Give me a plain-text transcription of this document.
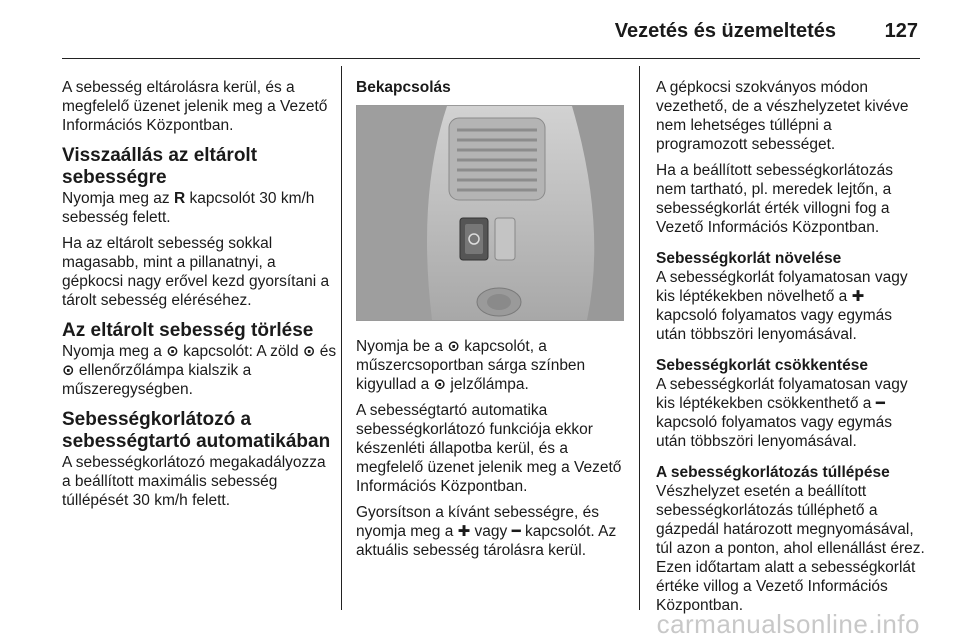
Vezetés és üzemeltetés 127

A sebesség eltárolásra kerül, és a megfelelő üzenet jelenik meg a Vezető Információs Központban.

Visszaállás az eltárolt sebességre

Nyomja meg az R kapcsolót 30 km/h sebesség felett.

Ha az eltárolt sebesség sokkal magasabb, mint a pillanatnyi, a gépkocsi nagy erővel kezd gyorsítani a tárolt sebesség eléréséhez.

Az eltárolt sebesség törlése

Nyomja meg a ⊙ kapcsolót: A zöld ⊙ és ⊙ ellenőrzőlámpa kialszik a műszeregységben.

Sebességkorlátozó a sebességtartó automatikában

A sebességkorlátozó megakadályozza a beállított maximális sebesség túllépését 30 km/h felett.

Bekapcsolás

Nyomja be a ⊙ kapcsolót, a műszercsoportban sárga színben kigyullad a ⊙ jelzőlámpa.

A sebességtartó automatika sebességkorlátozó funkciója ekkor készenléti állapotba kerül, és a megfelelő üzenet jelenik meg a Vezető Információs Központban.

Gyorsítson a kívánt sebességre, és nyomja meg a ✚ vagy ━ kapcsolót. Az aktuális sebesség tárolásra kerül.

A gépkocsi szokványos módon vezethető, de a vészhelyzetet kivéve nem lehetséges túllépni a programozott sebességet.

Ha a beállított sebességkorlátozás nem tartható, pl. meredek lejtőn, a sebességkorlát érték villogni fog a Vezető Információs Központban.

Sebességkorlát növelése

A sebességkorlát folyamatosan vagy kis léptékekben növelhető a ✚ kapcsoló folyamatos vagy egymás után többszöri lenyomásával.

Sebességkorlát csökkentése

A sebességkorlát folyamatosan vagy kis léptékekben csökkenthető a ━ kapcsoló folyamatos vagy egymás után többszöri lenyomásával.

A sebességkorlátozás túllépése

Vészhelyzet esetén a beállított sebességkorlátozás túlléphető a gázpedál határozott megnyomásával, túl azon a ponton, ahol ellenállást érez. Ezen időtartam alatt a sebességkorlát értéke villog a Vezető Információs Központban.

carmanualsonline.info
